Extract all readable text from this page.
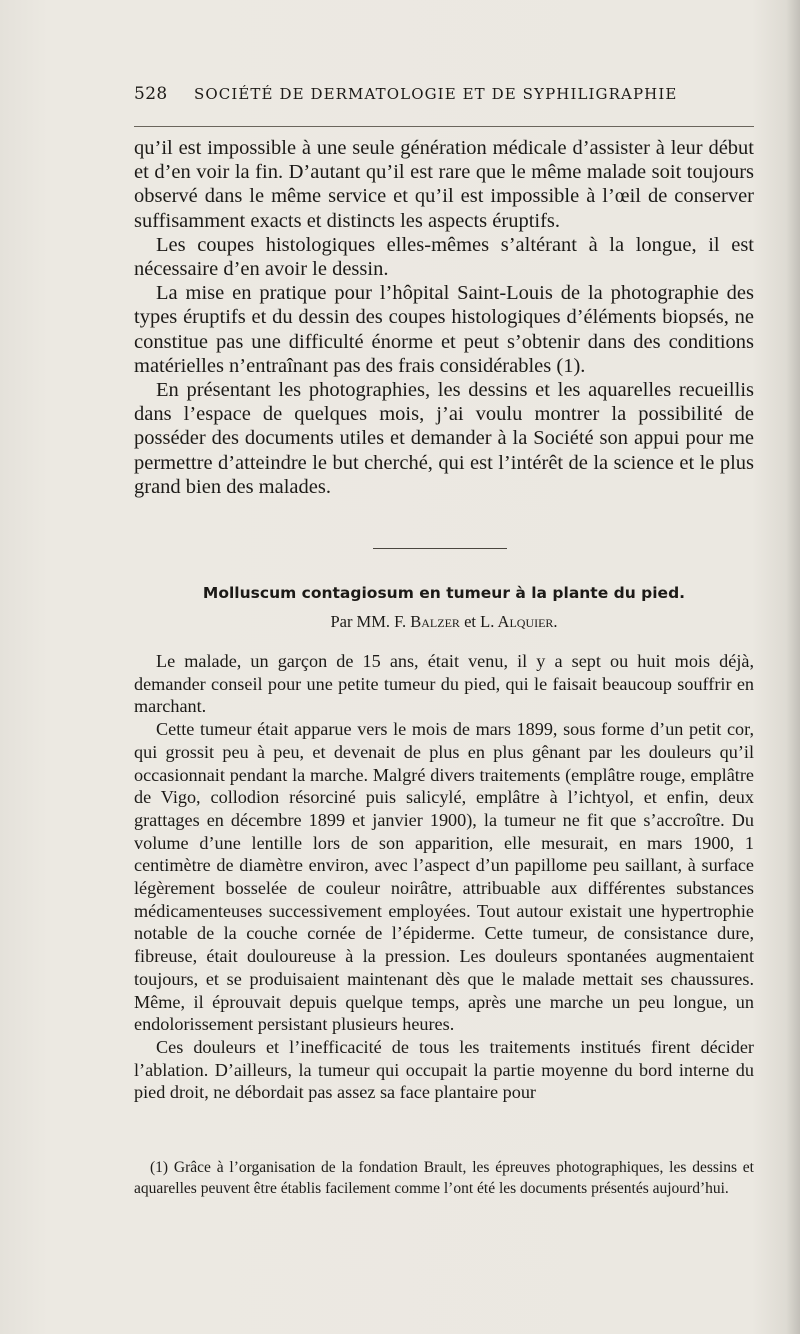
528 SOCIÉTÉ DE DERMATOLOGIE ET DE SYPHILIGRAPHIE

qu’il est impossible à une seule génération médicale d’assister à leur début et d’en voir la fin. D’autant qu’il est rare que le même malade soit toujours observé dans le même service et qu’il est impossible à l’œil de conserver suffisamment exacts et distincts les aspects éruptifs.

Les coupes histologiques elles-mêmes s’altérant à la longue, il est nécessaire d’en avoir le dessin.

La mise en pratique pour l’hôpital Saint-Louis de la photographie des types éruptifs et du dessin des coupes histologiques d’éléments biopsés, ne constitue pas une difficulté énorme et peut s’obtenir dans des conditions matérielles n’entraînant pas des frais considérables (1).

En présentant les photographies, les dessins et les aquarelles recueillis dans l’espace de quelques mois, j’ai voulu montrer la possibilité de posséder des documents utiles et demander à la Société son appui pour me permettre d’atteindre le but cherché, qui est l’intérêt de la science et le plus grand bien des malades.

Molluscum contagiosum en tumeur à la plante du pied.
Par MM. F. Balzer et L. Alquier.

Le malade, un garçon de 15 ans, était venu, il y a sept ou huit mois déjà, demander conseil pour une petite tumeur du pied, qui le faisait beaucoup souffrir en marchant.

Cette tumeur était apparue vers le mois de mars 1899, sous forme d’un petit cor, qui grossit peu à peu, et devenait de plus en plus gênant par les douleurs qu’il occasionnait pendant la marche. Malgré divers traitements (emplâtre rouge, emplâtre de Vigo, collodion résorciné puis salicylé, emplâtre à l’ichtyol, et enfin, deux grattages en décembre 1899 et janvier 1900), la tumeur ne fit que s’accroître. Du volume d’une lentille lors de son apparition, elle mesurait, en mars 1900, 1 centimètre de diamètre environ, avec l’aspect d’un papillome peu saillant, à surface légèrement bosselée de couleur noirâtre, attribuable aux différentes substances médicamenteuses successivement employées. Tout autour existait une hypertrophie notable de la couche cornée de l’épiderme. Cette tumeur, de consistance dure, fibreuse, était douloureuse à la pression. Les douleurs spontanées augmentaient toujours, et se produisaient maintenant dès que le malade mettait ses chaussures. Même, il éprouvait depuis quelque temps, après une marche un peu longue, un endolorissement persistant plusieurs heures.

Ces douleurs et l’inefficacité de tous les traitements institués firent décider l’ablation. D’ailleurs, la tumeur qui occupait la partie moyenne du bord interne du pied droit, ne débordait pas assez sa face plantaire pour

(1) Grâce à l’organisation de la fondation Brault, les épreuves photographiques, les dessins et aquarelles peuvent être établis facilement comme l’ont été les documents présentés aujourd’hui.
